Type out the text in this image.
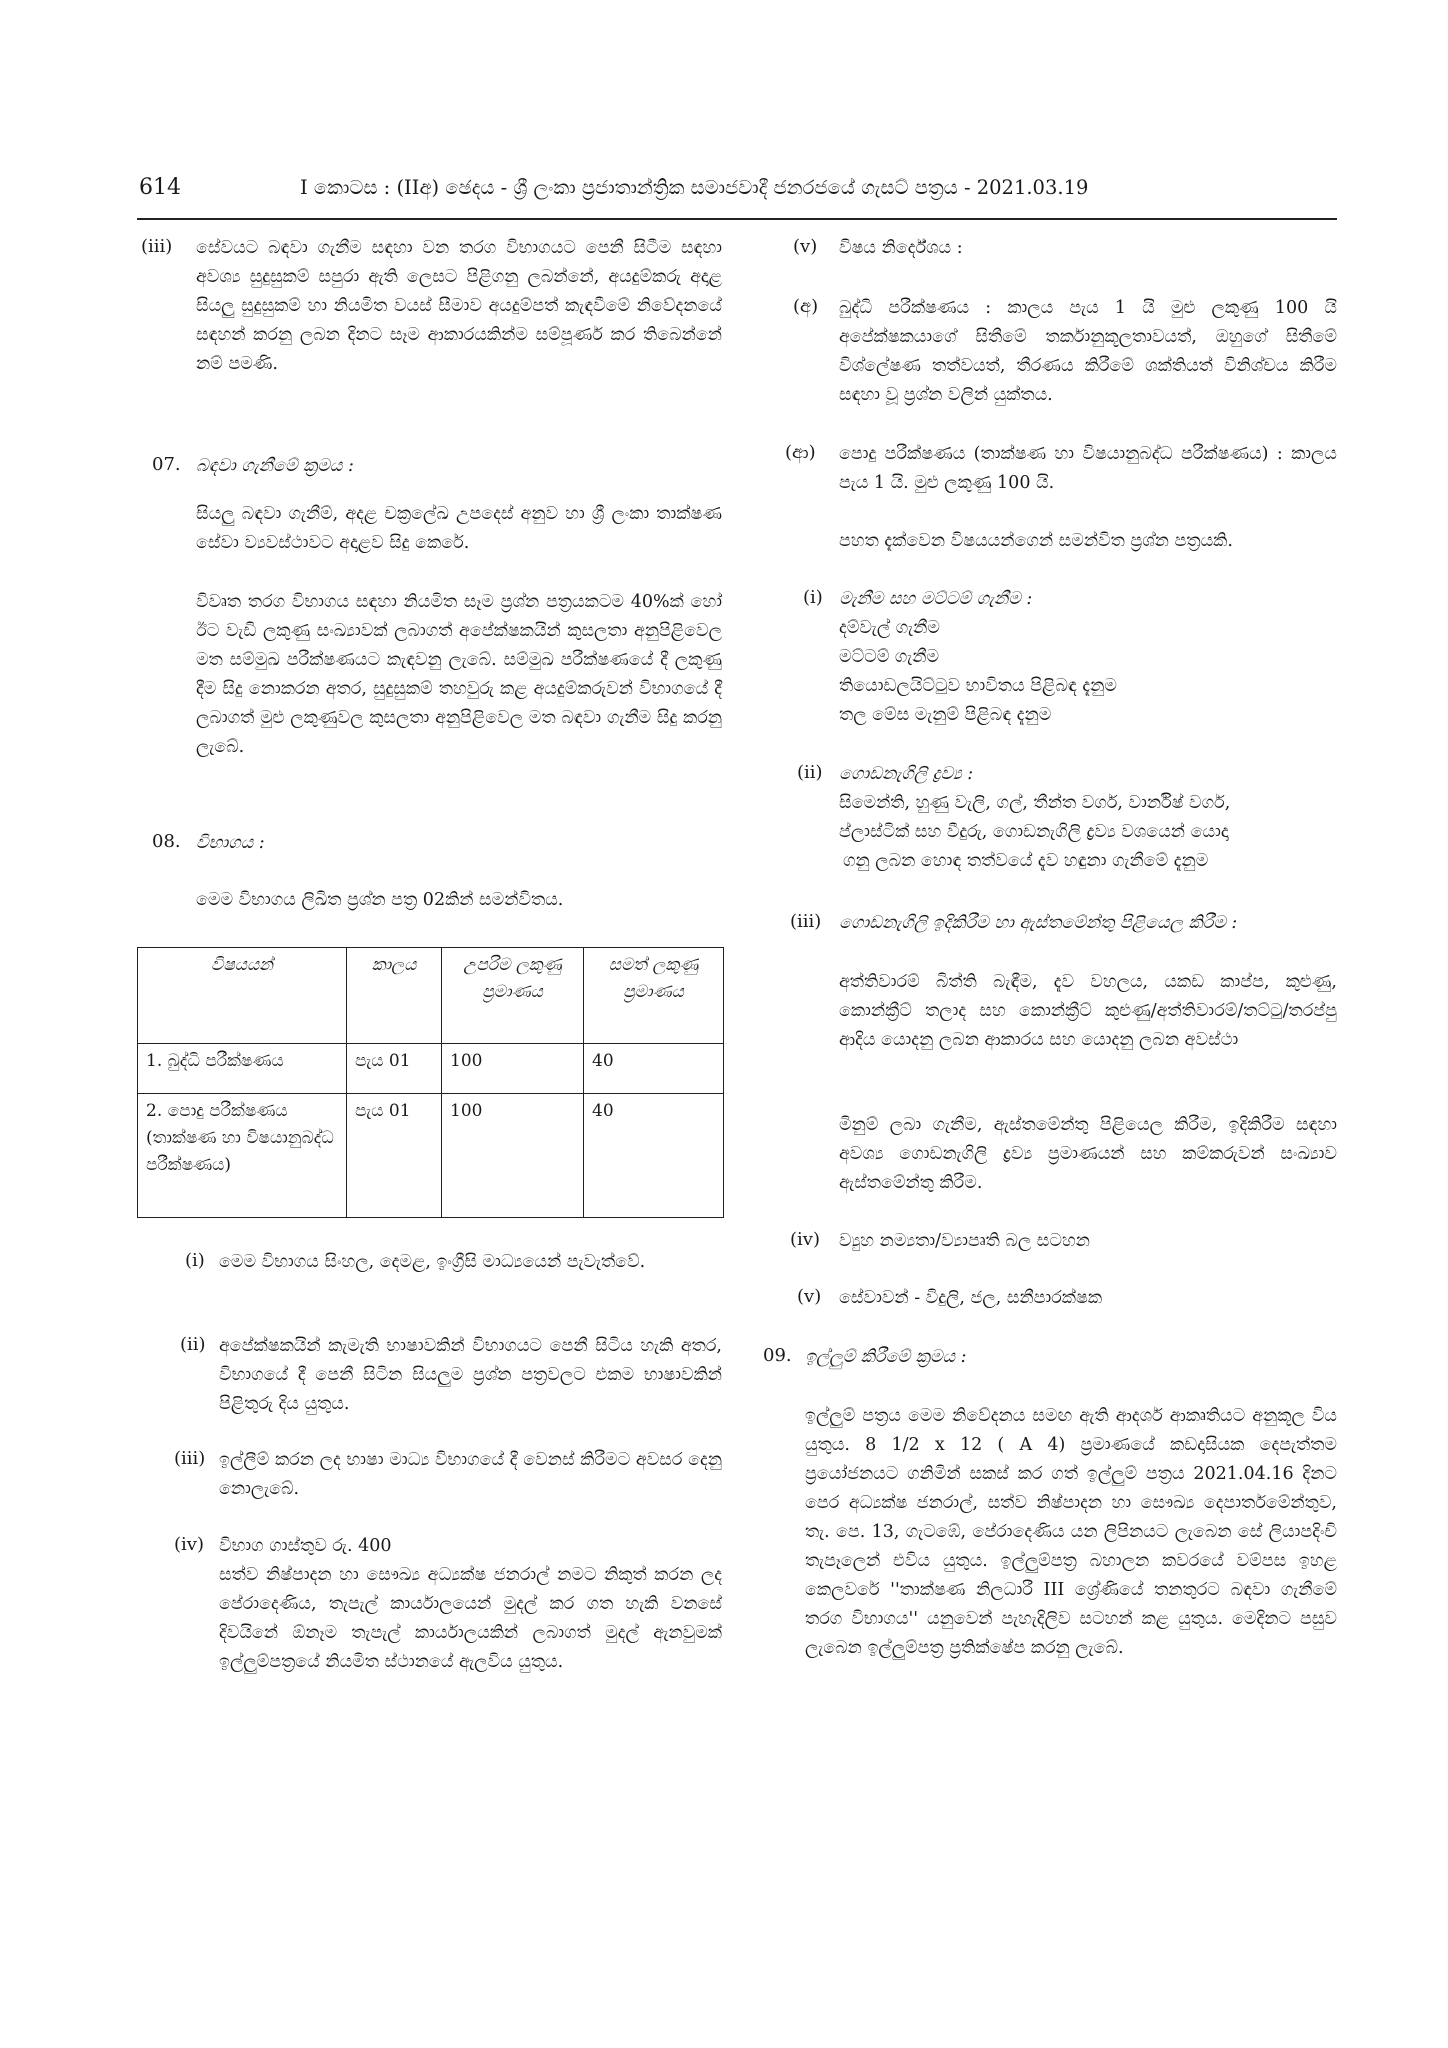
614	I කොටස : (IIඅ) ඡෙදය - ශ්‍රී ලංකා ප්‍රජාතාන්ත්‍රික සමාජවාදී ජනරජයේ ගැසට් පත්‍රය - 2021.03.19
(iii) සේවයට බඳවා ගැනීම සඳහා වන තරග විභාගයට පෙනී සිටීම සඳහා අවශ්‍ය සුදුසුකම් සපුරා ඇති ලෙසට පිළිගනු ලබන්නේ, අයදුම්කරු අදාළ සියලු සුදුසුකම් හා නියමිත වයස් සීමාව අයදුම්පත් කැඳවීමේ නිවේදනයේ සඳහන් කරනු ලබන දිනට සෑම ආකාරයකින්ම සම්පූර්ණ කර තිබෙන්නේ නම් පමණි.
07. බඳවා ගැනීමේ ක්‍රමය :
සියලු බඳවා ගැනීම්, අදළ චක්‍රලේඛ උපදෙස් අනුව හා ශ්‍රී ලංකා තාක්ෂණ සේවා ව්‍යවස්ථාවට අදාළව සිදු කෙරේ.
විවෘත තරග විභාගය සඳහා නියමිත සෑම ප්‍රශ්න පත්‍රයකටම 40%ක් හෝ ඊට වැඩි ලකුණු සංඛ්‍යාවක් ලබාගත් අපේක්ෂකයින් කුසලතා අනුපිළිවෙල මත සම්මුඛ පරීක්ෂණයට කැඳවනු ලැබේ. සම්මුඛ පරීක්ෂණයේ දී ලකුණු දීම සිදු නොකරන අතර, සුදුසුකම් තහවුරු කළ අයදුම්කරුවන් විභාගයේ දී ලබාගත් මුළු ලකුණුවල කුසලතා අනුපිළිවෙල මත බඳවා ගැනීම සිදු කරනු ලැබේ.
08. විභාගය :
මෙම විභාගය ලිඛිත ප්‍රශ්න පත්‍ර 02කින් සමන්විතය.
විෂයයන්	කාලය	උපරිම ලකුණු ප්‍රමාණය	සමත් ලකුණු ප්‍රමාණය
1. බුද්ධි පරීක්ෂණය	පැය 01	100	40
2. පොදු පරීක්ෂණය (තාක්ෂණ හා විෂයානුබද්ධ පරීක්ෂණය)	පැය 01	100	40
(i) මෙම විභාගය සිංහල, දෙමළ, ඉංග්‍රීසි මාධ්‍යයෙන් පැවැත්වේ.
(ii) අපේක්ෂකයින් කැමැති භාෂාවකින් විභාගයට පෙනී සිටිය හැකි අතර, විභාගයේ දී පෙනී සිටින සියලුම ප්‍රශ්න පත්‍රවලට එකම භාෂාවකින් පිළිතුරු දිය යුතුය.
(iii) ඉල්ලීම් කරන ලද භාෂා මාධ්‍ය විභාගයේ දී වෙනස් කිරීමට අවසර දෙනු නොලැබේ.
(iv) විභාග ගාස්තුව රු. 400
සත්ව නිෂ්පාදන හා සෞඛ්‍ය අධ්‍යක්ෂ ජනරාල් නමට නිකුත් කරන ලද පේරාදෙණිය, තැපැල් කාර්යාලයෙන් මුදල් කර ගත හැකි වනසේ දිවයිනේ ඕනෑම තැපැල් කාර්යාලයකින් ලබාගත් මුදල් ඇනවුමක් ඉල්ලුම්පත්‍රයේ නියමිත ස්ථානයේ ඇලවිය යුතුය.
(v) විෂය නිර්දේශය :
(අ) බුද්ධි පරීක්ෂණය : කාලය පැය 1 යි මුළු ලකුණු 100 යි අපේක්ෂකයාගේ සිතීමේ තර්කානුකූලතාවයත්, ඔහුගේ සිතීමේ විශ්ලේෂණ තත්වයත්, තීරණය කිරීමේ ශක්තියත් විනිශ්චය කිරීම සඳහා වූ ප්‍රශ්න වලින් යුක්තය.
(ආ) පොදු පරීක්ෂණය (තාක්ෂණ හා විෂයානුබද්ධ පරීක්ෂණය) : කාලය පැය 1 යි. මුළු ලකුණු 100 යි.
පහත දැක්වෙන විෂයයන්ගෙන් සමන්විත ප්‍රශ්න පත්‍රයකි.
(i) මැනීම සහ මට්ටම් ගැනීම :
දම්වැල් ගැනීම
මට්ටම් ගැනීම
තියොඩලයිට්ටුව භාවිතය පිළිබඳ දැනුම
තල මේස මැනුම් පිළිබඳ දැනුම
(ii) ගොඩනැගිලි ද්‍රව්‍ය :
සිමෙන්ති, හුණු වැලි, ගල්, තීන්ත වර්ග, වාර්නිෂ් වර්ග,
ප්ලාස්ටික් සහ වීදුරු, ගොඩනැගිලි ද්‍රව්‍ය වශයෙන් යොදා
ගනු ලබන හොඳ තත්වයේ දැව හඳුනා ගැනීමේ දැනුම
(iii) ගොඩනැගිලි ඉදිකිරීම හා ඇස්තමේන්තු පිළියෙල කිරීම :
අත්තිවාරම් බිත්ති බැඳීම, දැව වහලය, යකඩ කාප්ප, කුළුණු, කොන්ක්‍රීට් තලාද සහ කොන්ක්‍රීට් කුළුණු/අත්තිවාරම්/තට්ටු/තරප්පු ආදිය යොදනු ලබන ආකාරය සහ යොදනු ලබන අවස්ථා
මිනුම් ලබා ගැනීම, ඇස්තමේන්තු පිළියෙල කිරීම, ඉදිකිරීම සඳහා අවශ්‍ය ගොඩනැගිලි ද්‍රව්‍ය ප්‍රමාණයන් සහ කම්කරුවන් සංඛ්‍යාව ඇස්තමේන්තු කිරීම.
(iv) ව්‍යුහ නම්‍යතා/ව්‍යාපෘති බල සටහන
(v) සේවාවන් - විදුලි, ජල, සනීපාරක්ෂක
09. ඉල්ලුම් කිරීමේ ක්‍රමය :
ඉල්ලුම් පත්‍රය මෙම නිවේදනය සමඟ ඇති ආදර්ශ ආකෘතියට අනුකූල විය යුතුය. 8 1/2 x 12 ( A 4) ප්‍රමාණයේ කඩදාසියක දෙපැත්තම ප්‍රයෝජනයට ගනිමින් සකස් කර ගත් ඉල්ලුම් පත්‍රය 2021.04.16 දිනට පෙර අධ්‍යක්ෂ ජනරාල්, සත්ව නිෂ්පාදන හා සෞඛ්‍ය දෙපාර්තමේන්තුව, තැ. පෙ. 13, ගැටඹේ, පේරාදෙණිය යන ලිපිනයට ලැබෙන සේ ලියාපදිංචි තැපෑලෙන් එවිය යුතුය. ඉල්ලුම්පත්‍ර බහාලන කවරයේ වම්පස ඉහළ කෙලවරේ ''තාක්ෂණ නිලධාරී III ශ්‍රේණියේ තනතුරට බඳවා ගැනීමේ තරග විභාගය'' යනුවෙන් පැහැදිලිව සටහන් කළ යුතුය. මෙදිනට පසුව ලැබෙන ඉල්ලුම්පත්‍ර ප්‍රතික්ෂේප කරනු ලැබේ.
